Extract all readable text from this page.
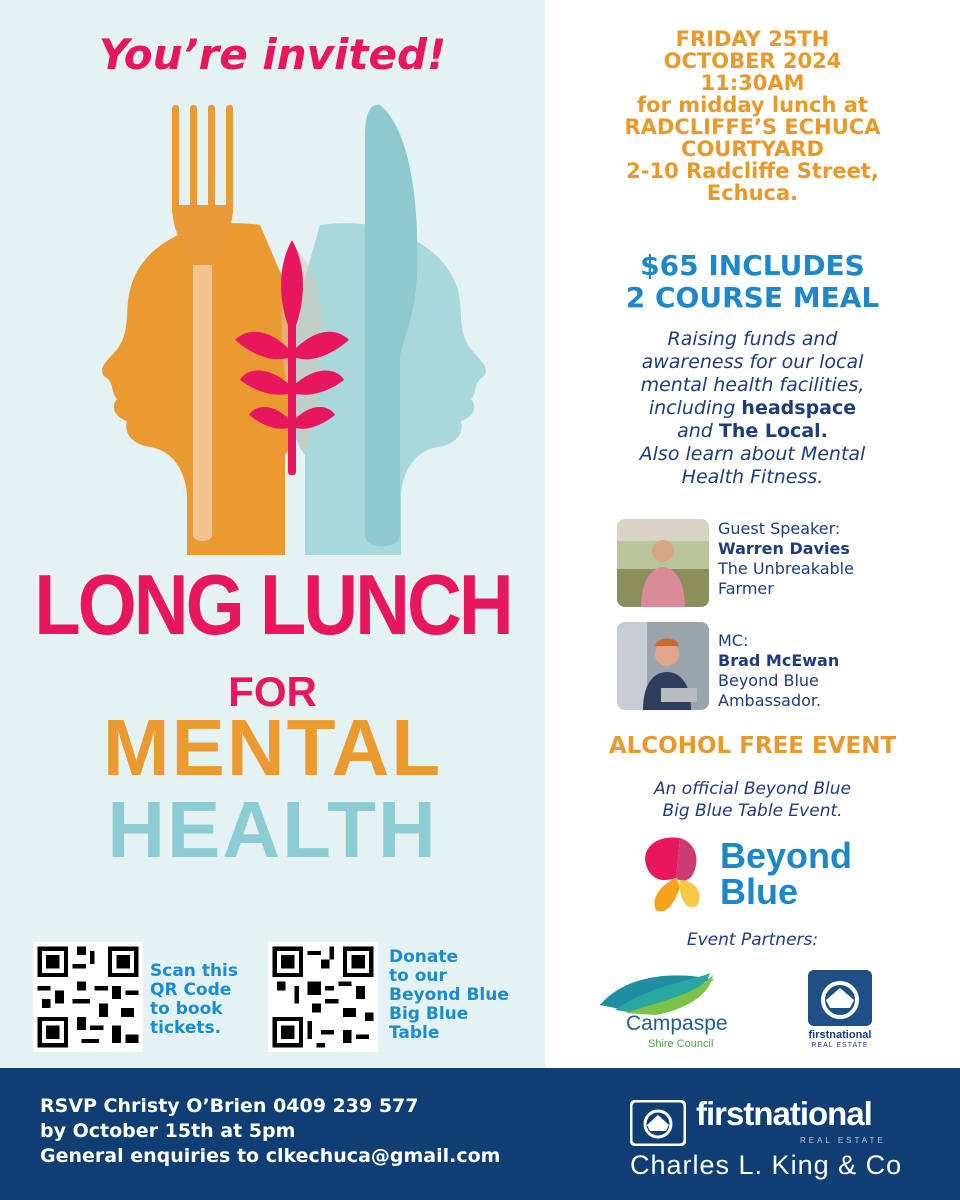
You’re invited!
LONG LUNCH
FOR
MENTAL
HEALTH
Scan this
QR Code
to book
tickets.
Donate
to our
Beyond Blue
Big Blue
Table
FRIDAY 25TH
OCTOBER 2024
11:30AM
for midday lunch at
RADCLIFFE’S ECHUCA
COURTYARD
2-10 Radcliffe Street,
Echuca.
$65 INCLUDES
2 COURSE MEAL
Raising funds and
awareness for our local
mental health facilities,
including headspace
and The Local.
Also learn about Mental
Health Fitness.
Guest Speaker:
Warren Davies
The Unbreakable
Farmer
MC:
Brad McEwan
Beyond Blue
Ambassador.
ALCOHOL FREE EVENT
An official Beyond Blue
Big Blue Table Event.
Beyond
Blue
Event Partners:
Campaspe
Shire Council
firstnational
REAL ESTATE
RSVP Christy O’Brien 0409 239 577
by October 15th at 5pm
General enquiries to clkechuca@gmail.com
firstnational
REAL ESTATE
Charles L. King & Co
